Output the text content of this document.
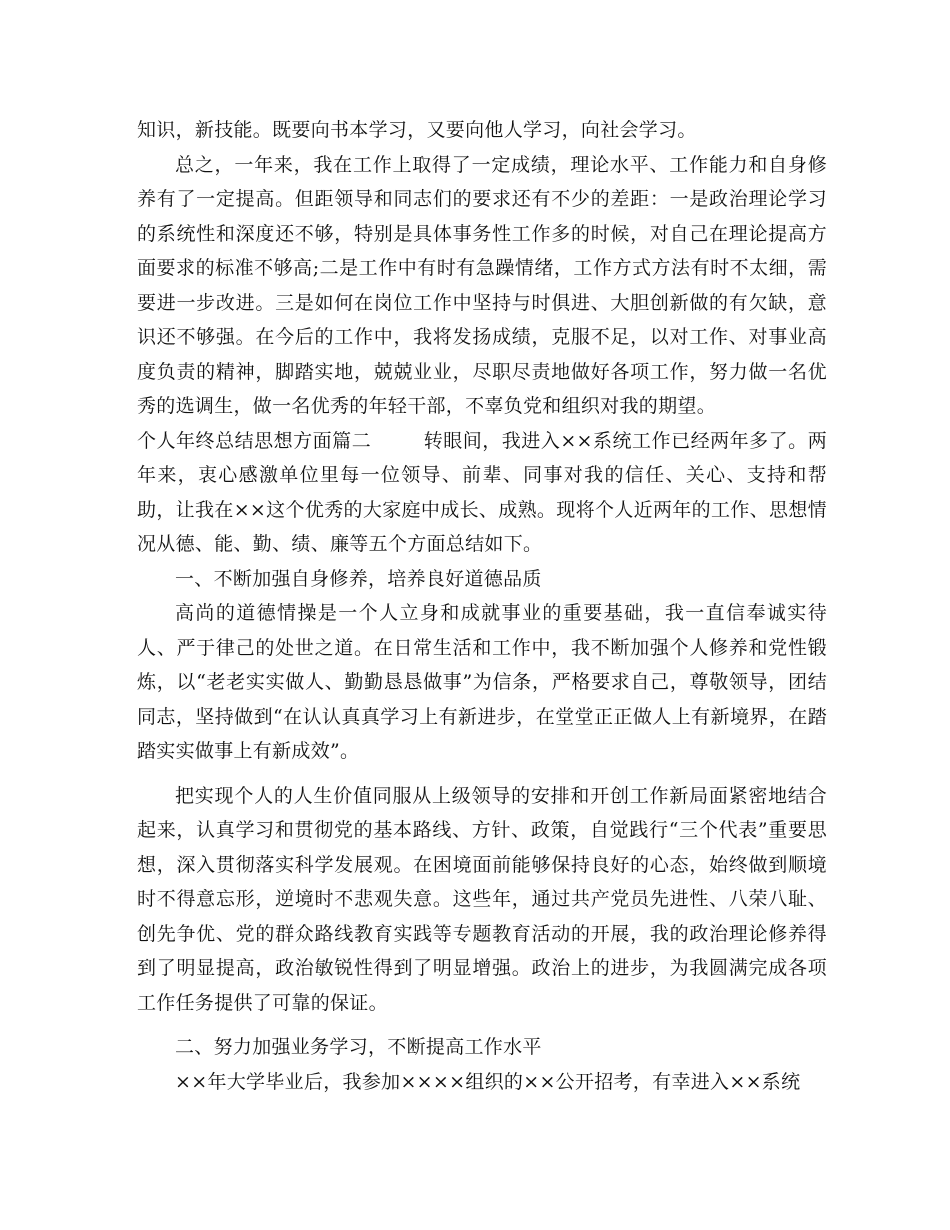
知识，新技能。既要向书本学习，又要向他人学习，向社会学习。

总之，一年来，我在工作上取得了一定成绩，理论水平、工作能力和自身修养有了一定提高。但距领导和同志们的要求还有不少的差距：一是政治理论学习的系统性和深度还不够，特别是具体事务性工作多的时候，对自己在理论提高方面要求的标准不够高;二是工作中有时有急躁情绪，工作方式方法有时不太细，需要进一步改进。三是如何在岗位工作中坚持与时俱进、大胆创新做的有欠缺，意识还不够强。在今后的工作中，我将发扬成绩，克服不足，以对工作、对事业高度负责的精神，脚踏实地，兢兢业业，尽职尽责地做好各项工作，努力做一名优秀的选调生，做一名优秀的年轻干部，不辜负党和组织对我的期望。

个人年终总结思想方面篇二	转眼间，我进入××系统工作已经两年多了。两年来，衷心感激单位里每一位领导、前辈、同事对我的信任、关心、支持和帮助，让我在××这个优秀的大家庭中成长、成熟。现将个人近两年的工作、思想情况从德、能、勤、绩、廉等五个方面总结如下。

一、不断加强自身修养，培养良好道德品质

高尚的道德情操是一个人立身和成就事业的重要基础，我一直信奉诚实待人、严于律己的处世之道。在日常生活和工作中，我不断加强个人修养和党性锻炼，以“老老实实做人、勤勤恳恳做事”为信条，严格要求自己，尊敬领导，团结同志，坚持做到“在认认真真学习上有新进步，在堂堂正正做人上有新境界，在踏踏实实做事上有新成效”。

把实现个人的人生价值同服从上级领导的安排和开创工作新局面紧密地结合起来，认真学习和贯彻党的基本路线、方针、政策，自觉践行“三个代表”重要思想，深入贯彻落实科学发展观。在困境面前能够保持良好的心态，始终做到顺境时不得意忘形，逆境时不悲观失意。这些年，通过共产党员先进性、八荣八耻、创先争优、党的群众路线教育实践等专题教育活动的开展，我的政治理论修养得到了明显提高，政治敏锐性得到了明显增强。政治上的进步，为我圆满完成各项工作任务提供了可靠的保证。

二、努力加强业务学习，不断提高工作水平

××年大学毕业后，我参加××××组织的××公开招考，有幸进入××系统
